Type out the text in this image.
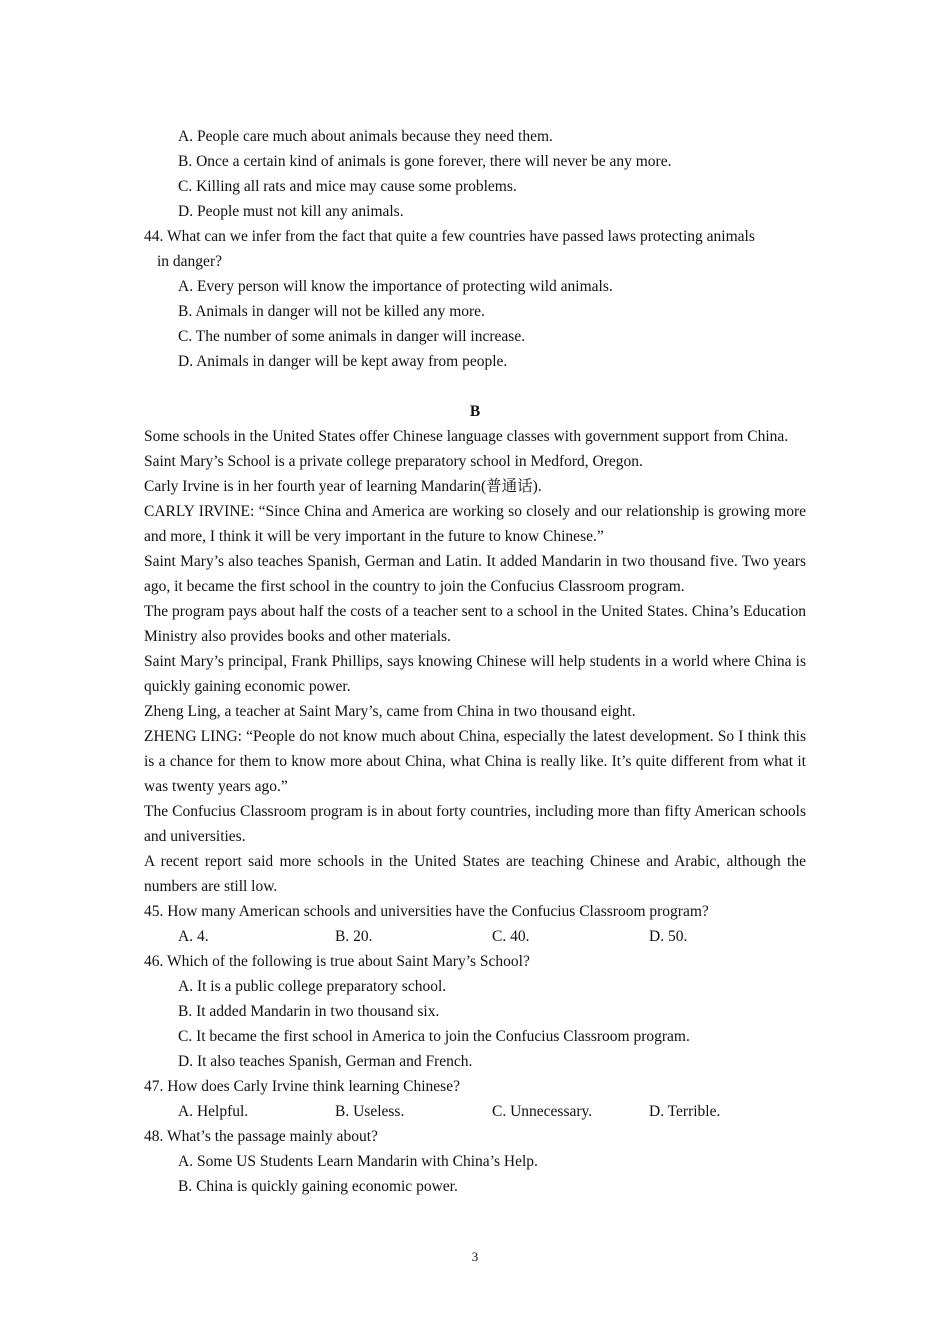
A. People care much about animals because they need them.
B. Once a certain kind of animals is gone forever, there will never be any more.
C. Killing all rats and mice may cause some problems.
D. People must not kill any animals.
44. What can we infer from the fact that quite a few countries have passed laws protecting animals
in danger?
A. Every person will know the importance of protecting wild animals.
B. Animals in danger will not be killed any more.
C. The number of some animals in danger will increase.
D. Animals in danger will be kept away from people.
B
Some schools in the United States offer Chinese language classes with government support from China.
Saint Mary’s School is a private college preparatory school in Medford, Oregon.
Carly Irvine is in her fourth year of learning Mandarin(普通话).
CARLY IRVINE: “Since China and America are working so closely and our relationship is growing more and more, I think it will be very important in the future to know Chinese.”
Saint Mary’s also teaches Spanish, German and Latin. It added Mandarin in two thousand five. Two years ago, it became the first school in the country to join the Confucius Classroom program.
The program pays about half the costs of a teacher sent to a school in the United States. China’s Education Ministry also provides books and other materials.
Saint Mary’s principal, Frank Phillips, says knowing Chinese will help students in a world where China is quickly gaining economic power.
Zheng Ling, a teacher at Saint Mary’s, came from China in two thousand eight.
ZHENG LING: “People do not know much about China, especially the latest development. So I think this is a chance for them to know more about China, what China is really like. It’s quite different from what it was twenty years ago.”
The Confucius Classroom program is in about forty countries, including more than fifty American schools and universities.
A recent report said more schools in the United States are teaching Chinese and Arabic, although the numbers are still low.
45. How many American schools and universities have the Confucius Classroom program?
A. 4.	B. 20.	C. 40.	D. 50.
46. Which of the following is true about Saint Mary’s School?
A. It is a public college preparatory school.
B. It added Mandarin in two thousand six.
C. It became the first school in America to join the Confucius Classroom program.
D. It also teaches Spanish, German and French.
47. How does Carly Irvine think learning Chinese?
A. Helpful.	B. Useless.	C. Unnecessary.	D. Terrible.
48. What’s the passage mainly about?
A. Some US Students Learn Mandarin with China’s Help.
B. China is quickly gaining economic power.
3
